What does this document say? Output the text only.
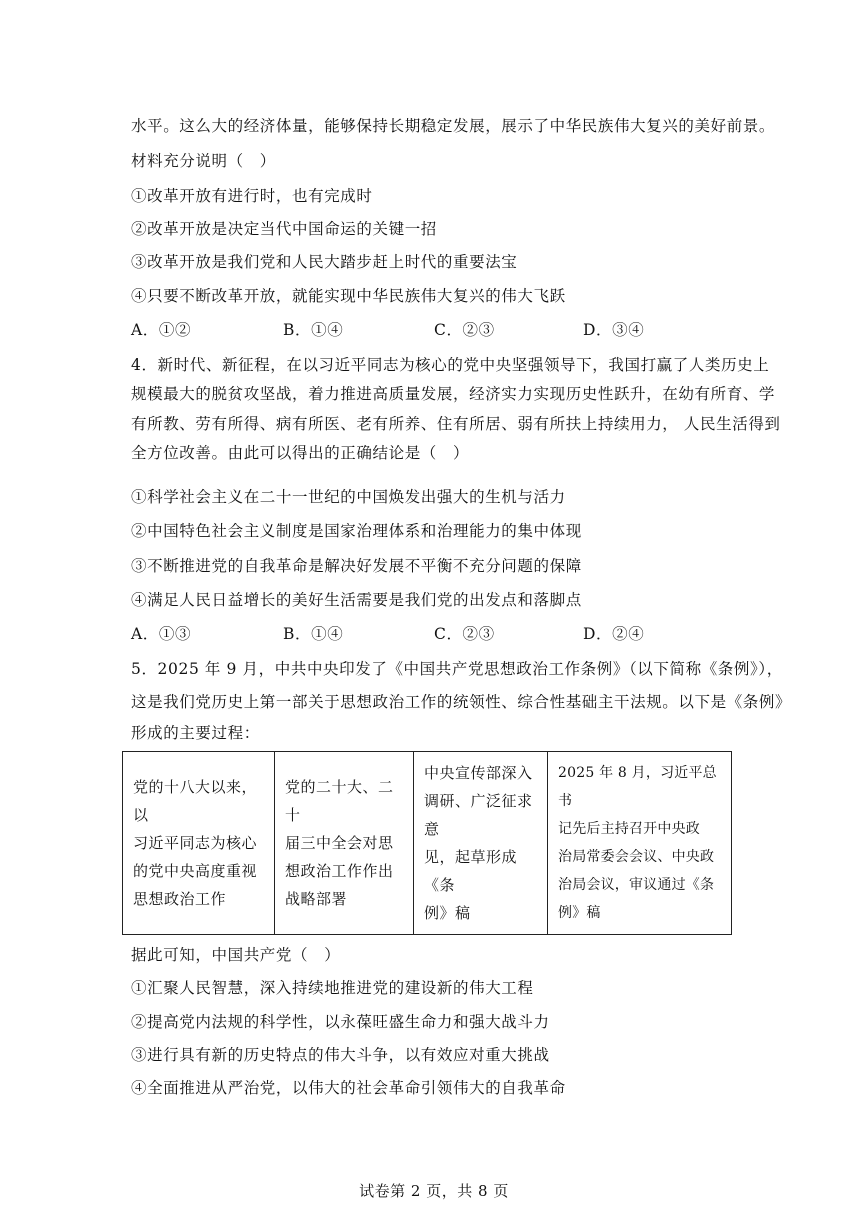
水平。这么大的经济体量，能够保持长期稳定发展，展示了中华民族伟大复兴的美好前景。
材料充分说明（　）
①改革开放有进行时，也有完成时
②改革开放是决定当代中国命运的关键一招
③改革开放是我们党和人民大踏步赶上时代的重要法宝
④只要不断改革开放，就能实现中华民族伟大复兴的伟大飞跃
A．①②	B．①④	C．②③	D．③④
4．新时代、新征程，在以习近平同志为核心的党中央坚强领导下，我国打赢了人类历史上
规模最大的脱贫攻坚战，着力推进高质量发展，经济实力实现历史性跃升，在幼有所育、学
有所教、劳有所得、病有所医、老有所养、住有所居、弱有所扶上持续用力， 人民生活得到
全方位改善。由此可以得出的正确结论是（　）
①科学社会主义在二十一世纪的中国焕发出强大的生机与活力
②中国特色社会主义制度是国家治理体系和治理能力的集中体现
③不断推进党的自我革命是解决好发展不平衡不充分问题的保障
④满足人民日益增长的美好生活需要是我们党的出发点和落脚点
A．①③	B．①④	C．②③	D．②④
5．2025 年 9 月，中共中央印发了《中国共产党思想政治工作条例》（以下简称《条例》），
这是我们党历史上第一部关于思想政治工作的统领性、综合性基础主干法规。以下是《条例》
形成的主要过程：
党的十八大以来，以
习近平同志为核心
的党中央高度重视
思想政治工作

党的二十大、二十
届三中全会对思
想政治工作作出
战略部署

中央宣传部深入
调研、广泛征求意
见，起草形成《条
例》稿

2025 年 8 月，习近平总书
记先后主持召开中央政
治局常委会会议、中央政
治局会议，审议通过《条
例》稿
据此可知，中国共产党（　）
①汇聚人民智慧，深入持续地推进党的建设新的伟大工程
②提高党内法规的科学性，以永葆旺盛生命力和强大战斗力
③进行具有新的历史特点的伟大斗争，以有效应对重大挑战
④全面推进从严治党，以伟大的社会革命引领伟大的自我革命
试卷第 2 页，共 8 页
